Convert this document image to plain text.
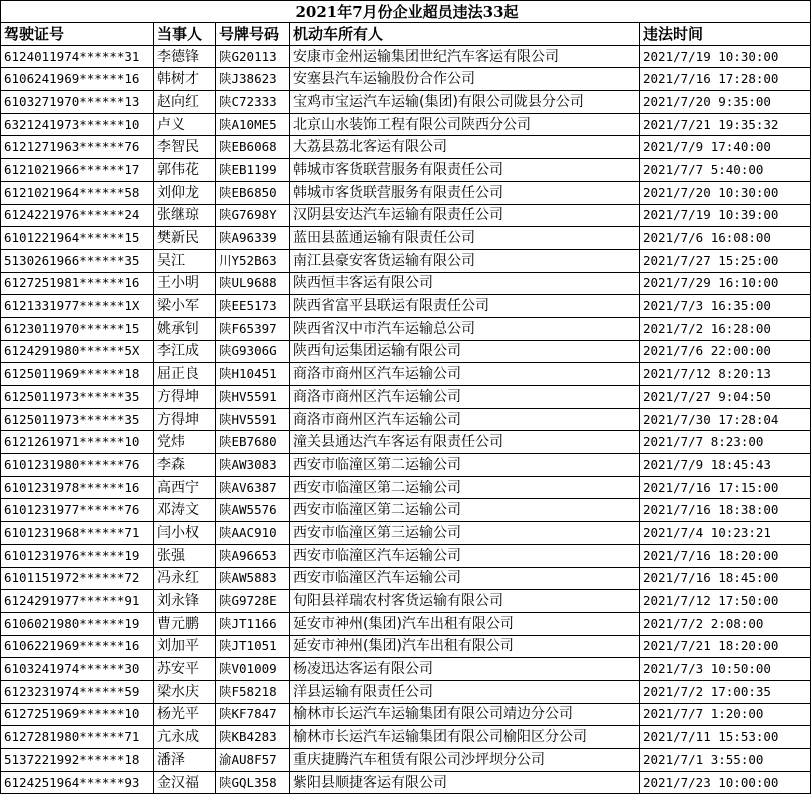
2021年7月份企业超员违法33起				
驾驶证号	当事人	号牌号码	机动车所有人	违法时间
6124011974******31	李德锋	陕G20113	安康市金州运输集团世纪汽车客运有限公司	2021/7/19 10:30:00
6106241969******16	韩树才	陕J38623	安塞县汽车运输股份合作公司	2021/7/16 17:28:00
6103271970******13	赵向红	陕C72333	宝鸡市宝运汽车运输(集团)有限公司陇县分公司	2021/7/20 9:35:00
6321241973******10	卢义	陕A10ME5	北京山水装饰工程有限公司陕西分公司	2021/7/21 19:35:32
6121271963******76	李智民	陕EB6068	大荔县荔北客运有限公司	2021/7/9 17:40:00
6121021966******17	郭伟花	陕EB1199	韩城市客货联营服务有限责任公司	2021/7/7 5:40:00
6121021964******58	刘仰龙	陕EB6850	韩城市客货联营服务有限责任公司	2021/7/20 10:30:00
6124221976******24	张继琼	陕G7698Y	汉阴县安达汽车运输有限责任公司	2021/7/19 10:39:00
6101221964******15	樊新民	陕A96339	蓝田县蓝通运输有限责任公司	2021/7/6 16:08:00
5130261966******35	吴江	川Y52B63	南江县豪安客货运输有限公司	2021/7/27 15:25:00
6127251981******16	王小明	陕UL9688	陕西恒丰客运有限公司	2021/7/29 16:10:00
6121331977******1X	梁小军	陕EE5173	陕西省富平县联运有限责任公司	2021/7/3 16:35:00
6123011970******15	姚承钊	陕F65397	陕西省汉中市汽车运输总公司	2021/7/2 16:28:00
6124291980******5X	李江成	陕G9306G	陕西旬运集团运输有限公司	2021/7/6 22:00:00
6125011969******18	屈正良	陕H10451	商洛市商州区汽车运输公司	2021/7/12 8:20:13
6125011973******35	方得坤	陕HV5591	商洛市商州区汽车运输公司	2021/7/27 9:04:50
6125011973******35	方得坤	陕HV5591	商洛市商州区汽车运输公司	2021/7/30 17:28:04
6121261971******10	党炜	陕EB7680	潼关县通达汽车客运有限责任公司	2021/7/7 8:23:00
6101231980******76	李森	陕AW3083	西安市临潼区第二运输公司	2021/7/9 18:45:43
6101231978******16	高西宁	陕AV6387	西安市临潼区第二运输公司	2021/7/16 17:15:00
6101231977******76	邓涛文	陕AW5576	西安市临潼区第二运输公司	2021/7/16 18:38:00
6101231968******71	闫小权	陕AAC910	西安市临潼区第三运输公司	2021/7/4 10:23:21
6101231976******19	张强	陕A96653	西安市临潼区汽车运输公司	2021/7/16 18:20:00
6101151972******72	冯永红	陕AW5883	西安市临潼区汽车运输公司	2021/7/16 18:45:00
6124291977******91	刘永锋	陕G9728E	旬阳县祥瑞农村客货运输有限公司	2021/7/12 17:50:00
6106021980******19	曹元鹏	陕JT1166	延安市神州(集团)汽车出租有限公司	2021/7/2 2:08:00
6106221969******16	刘加平	陕JT1051	延安市神州(集团)汽车出租有限公司	2021/7/21 18:20:00
6103241974******30	苏安平	陕V01009	杨凌迅达客运有限公司	2021/7/3 10:50:00
6123231974******59	梁水庆	陕F58218	洋县运输有限责任公司	2021/7/2 17:00:35
6127251969******10	杨光平	陕KF7847	榆林市长运汽车运输集团有限公司靖边分公司	2021/7/7 1:20:00
6127281980******71	亢永成	陕KB4283	榆林市长运汽车运输集团有限公司榆阳区分公司	2021/7/11 15:53:00
5137221992******18	潘泽	渝AU8F57	重庆捷腾汽车租赁有限公司沙坪坝分公司	2021/7/1 3:55:00
6124251964******93	金汉福	陕GQL358	紫阳县顺捷客运有限公司	2021/7/23 10:00:00
